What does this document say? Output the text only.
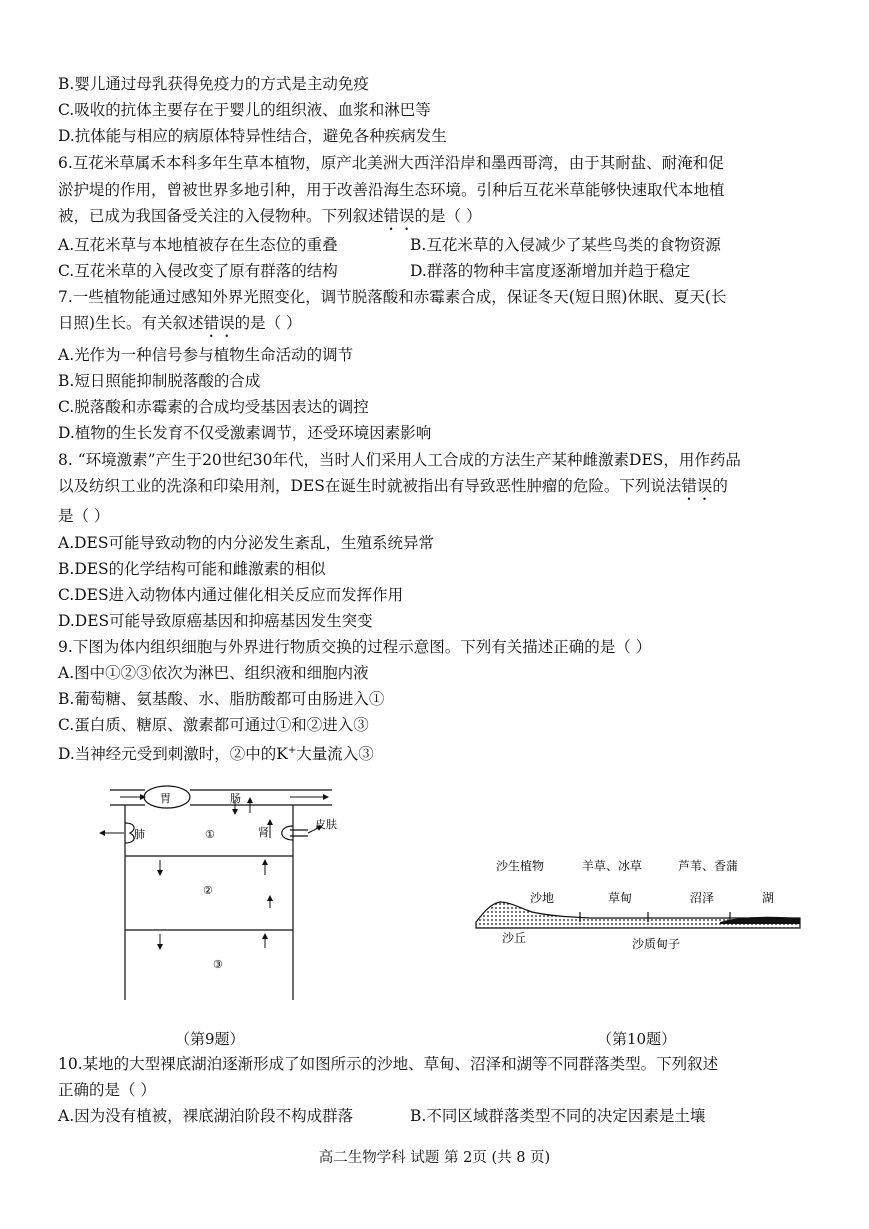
B.婴儿通过母乳获得免疫力的方式是主动免疫
C.吸收的抗体主要存在于婴儿的组织液、血浆和淋巴等
D.抗体能与相应的病原体特异性结合，避免各种疾病发生
6.互花米草属禾本科多年生草本植物，原产北美洲大西洋沿岸和墨西哥湾，由于其耐盐、耐淹和促
淤护堤的作用，曾被世界多地引种，用于改善沿海生态环境。引种后互花米草能够快速取代本地植
被，已成为我国备受关注的入侵物种。下列叙述错误的是（ ）
A.互花米草与本地植被存在生态位的重叠	B.互花米草的入侵减少了某些鸟类的食物资源
C.互花米草的入侵改变了原有群落的结构	D.群落的物种丰富度逐渐增加并趋于稳定
7.一些植物能通过感知外界光照变化，调节脱落酸和赤霉素合成，保证冬天(短日照)休眠、夏天(长
日照)生长。有关叙述错误的是（ ）
A.光作为一种信号参与植物生命活动的调节
B.短日照能抑制脱落酸的合成
C.脱落酸和赤霉素的合成均受基因表达的调控
D.植物的生长发育不仅受激素调节，还受环境因素影响
8. “环境激素”产生于20世纪30年代，当时人们采用人工合成的方法生产某种雌激素DES，用作药品
以及纺织工业的洗涤和印染用剂，DES在诞生时就被指出有导致恶性肿瘤的危险。下列说法错误的
是（ ）
A.DES可能导致动物的内分泌发生紊乱，生殖系统异常
B.DES的化学结构可能和雌激素的相似
C.DES进入动物体内通过催化相关反应而发挥作用
D.DES可能导致原癌基因和抑癌基因发生突变
9.下图为体内组织细胞与外界进行物质交换的过程示意图。下列有关描述正确的是（ ）
A.图中①②③依次为淋巴、组织液和细胞内液
B.葡萄糖、氨基酸、水、脂肪酸都可由肠进入①
C.蛋白质、糖原、激素都可通过①和②进入③
D.当神经元受到刺激时，②中的K+大量流入③
胃	肠
肺	①	肾
皮肤
②
③
沙生植物	羊草、冰草	芦苇、香蒲
沙地	草甸	沼泽	湖
沙丘	沙质甸子
（第9题）	（第10题）
10.某地的大型裸底湖泊逐渐形成了如图所示的沙地、草甸、沼泽和湖等不同群落类型。下列叙述
正确的是（ ）
A.因为没有植被，裸底湖泊阶段不构成群落	B.不同区域群落类型不同的决定因素是土壤
高二生物学科 试题 第 2页 (共 8 页)
